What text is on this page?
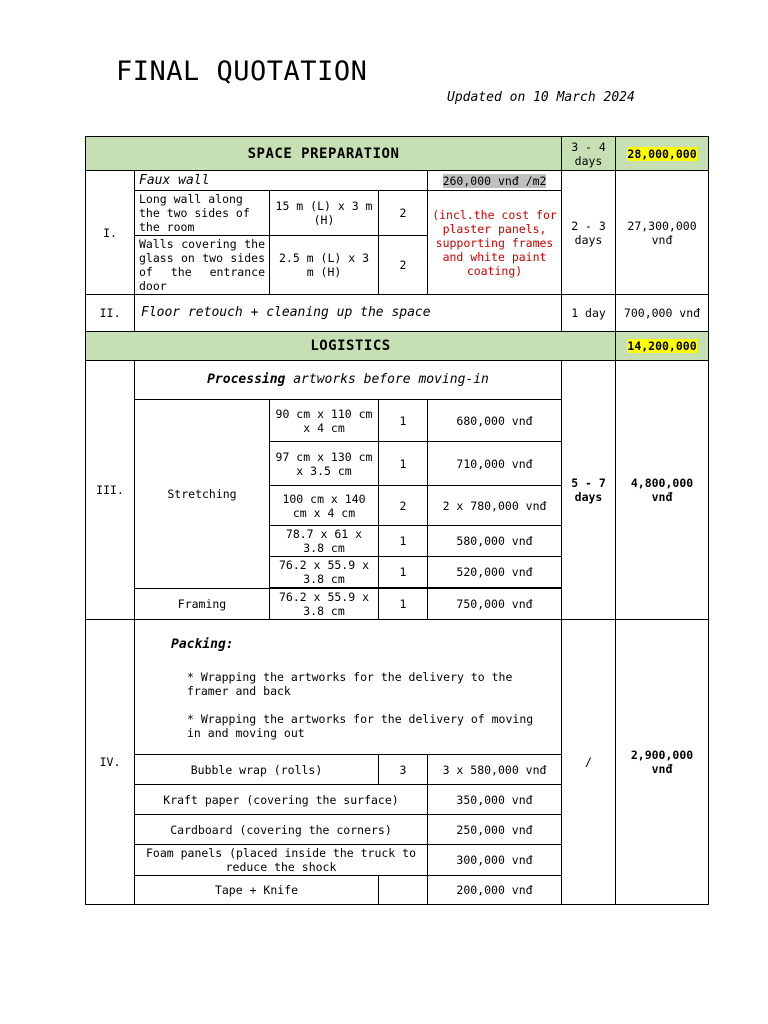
FINAL QUOTATION
Updated on 10 March 2024
SPACE PREPARATION					3 - 4 days	28,000,000
I.	Faux wall			260,000 vnđ /m2	2 - 3 days	27,300,000 vnđ
	Long wall along the two sides of the room	15 m (L) x 3 m (H)	2	(incl.the cost for plaster panels, supporting frames and white paint coating)		
	Walls covering the glass on two sides of the entrance door	2.5 m (L) x 3 m (H)	2			
II.	Floor retouch + cleaning up the space				1 day	700,000 vnđ
LOGISTICS						14,200,000
III.	Processing artworks before moving-in				5 - 7 days	4,800,000 vnđ
	Stretching	90 cm x 110 cm x 4 cm	1	680,000 vnđ		
		97 cm x 130 cm x 3.5 cm	1	710,000 vnđ		
		100 cm x 140 cm x 4 cm	2	2 x 780,000 vnđ		
		78.7 x 61 x 3.8 cm	1	580,000 vnđ		
		76.2 x 55.9 x 3.8 cm	1	520,000 vnđ		

	Framing	76.2 x 55.9 x 3.8 cm	1	750,000 vnđ		
IV.	Packing:
* Wrapping the artworks for the delivery to the framer and back
* Wrapping the artworks for the delivery of moving in and moving out				/	2,900,000 vnđ
	Bubble wrap (rolls)		3	3 x 580,000 vnđ		
	Kraft paper (covering the surface)			350,000 vnđ		
	Cardboard (covering the corners)			250,000 vnđ		
	Foam panels (placed inside the truck to reduce the shock			300,000 vnđ		
	Tape + Knife			200,000 vnđ		
